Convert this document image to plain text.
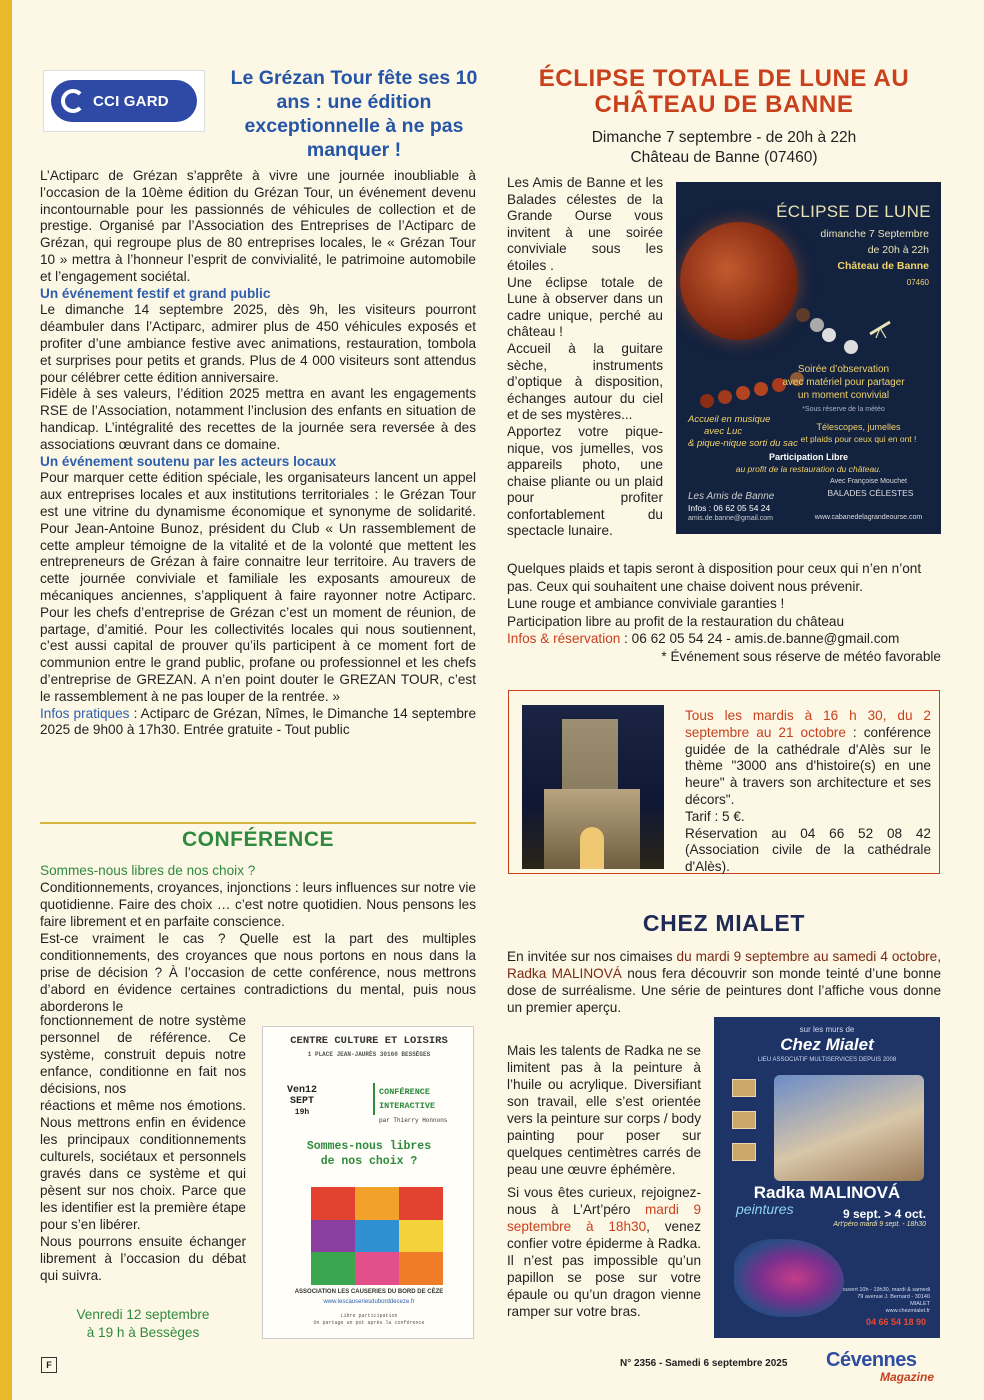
CCI GARD
Le Grézan Tour fête ses 10 ans : une édition exceptionnelle à ne pas manquer !

L’Actiparc de Grézan s’apprête à vivre une journée inoubliable à l’occasion de la 10ème édition du Grézan Tour, un événement devenu incontournable pour les passionnés de véhicules de collection et de prestige. Organisé par l’Association des Entreprises de l’Actiparc de Grézan, qui regroupe plus de 80 entreprises locales, le « Grézan Tour 10 » mettra à l’honneur l’esprit de convivialité, le patrimoine automobile et l’engagement sociétal.

Un événement festif et grand public

Le dimanche 14 septembre 2025, dès 9h, les visiteurs pourront déambuler dans l’Actiparc, admirer plus de 450 véhicules exposés et profiter d’une ambiance festive avec animations, restauration, tombola et surprises pour petits et grands. Plus de 4 000 visiteurs sont attendus pour célébrer cette édition anniversaire.

Fidèle à ses valeurs, l’édition 2025 mettra en avant les engagements RSE de l’Association, notamment l’inclusion des enfants en situation de handicap. L’intégralité des recettes de la journée sera reversée à des associations œuvrant dans ce domaine.

Un événement soutenu par les acteurs locaux

Pour marquer cette édition spéciale, les organisateurs lancent un appel aux entreprises locales et aux institutions territoriales : le Grézan Tour est une vitrine du dynamisme économique et synonyme de solidarité. Pour Jean-Antoine Bunoz, président du Club « Un rassemblement de cette ampleur témoigne de la vitalité et de la volonté que mettent les entrepreneurs de Grézan à faire connaitre leur territoire. Au travers de cette journée conviviale et familiale les exposants amoureux de mécaniques anciennes, s’appliquent à faire rayonner notre Actiparc. Pour les chefs d’entreprise de Grézan c’est un moment de réunion, de partage, d’amitié. Pour les collectivités locales qui nous soutiennent, c’est aussi capital de prouver qu’ils participent à ce moment fort de communion entre le grand public, profane ou professionnel et les chefs d’entreprise de GREZAN. A n’en point douter le GREZAN TOUR, c’est le rassemblement à ne pas louper de la rentrée. »

Infos pratiques : Actiparc de Grézan, Nîmes, le Dimanche 14 septembre 2025 de 9h00 à 17h30. Entrée gratuite - Tout public

CONFÉRENCE

Sommes-nous libres de nos choix ?

Conditionnements, croyances, injonctions : leurs influences sur notre vie quotidienne. Faire des choix … c’est notre quotidien. Nous pensons les faire librement et en parfaite conscience.

Est-ce vraiment le cas ? Quelle est la part des multiples conditionnements, des croyances que nous portons en nous dans la prise de décision ? À l’occasion de cette conférence, nous mettrons d’abord en évidence certaines contradictions du mental, puis nous aborderons le

fonctionnement de notre système personnel de référence. Ce système, construit depuis notre enfance, conditionne en fait nos décisions, nos

réactions et même nos émotions. Nous mettrons enfin en évidence les principaux conditionnements culturels, sociétaux et personnels gravés dans ce système et qui pèsent sur nos choix. Parce que les identifier est la première étape pour s’en libérer.

Nous pourrons ensuite échanger librement à l’occasion du débat qui suivra.

Venredi 12 septembre

à 19 h à Bessèges

CENTRE CULTURE ET LOISIRS
1 PLACE JEAN-JAURÈS 30160 BESSÈGES
Ven12
SEPT
19h
CONFÉRENCE
INTERACTIVE
par Thierry Honnons
Sommes-nous libres
de nos choix ?
ASSOCIATION LES CAUSERIES DU BORD DE CÈZE
www.lescauseriesduborddeceze.fr
Libre participation
On partage un pot après la conférence
ÉCLIPSE TOTALE DE LUNE AU CHÂTEAU DE BANNE
Dimanche 7 septembre - de 20h à 22h
Château de Banne (07460)

Les Amis de Banne et les Balades célestes de la Grande Ourse vous invitent à une soirée conviviale sous les étoiles .

Une éclipse totale de Lune à observer dans un cadre unique, perché au château !

Accueil à la guitare sèche, instruments d’optique à disposition, échanges autour du ciel et de ses mystères...

Apportez votre pique-nique, vos jumelles, vos appareils photo, une chaise pliante ou un plaid pour profiter confortablement du spectacle lunaire.

ÉCLIPSE DE LUNE
dimanche 7 Septembre
de 20h à 22h
Château de Banne
07460
Soirée d’observation
avec matériel pour partager
un moment convivial
*Sous réserve de la météo
Télescopes, jumelles
et plaids pour ceux qui en ont !
Accueil en musique
avec Luc
& pique-nique sorti du sac
Participation Libre
au profit de la restauration du château.
Avec Françoise Mouchet
Les Amis de Banne
Infos : 06 62 05 54 24
amis.de.banne@gmail.com
BALADES CÉLESTES
www.cabanedelagrandeourse.com

Quelques plaids et tapis seront à disposition pour ceux qui n’en n’ont pas. Ceux qui souhaitent une chaise doivent nous prévenir.

Lune rouge et ambiance conviviale garanties !

Participation libre au profit de la restauration du château

Infos & réservation : 06 62 05 54 24 - amis.de.banne@gmail.com

* Événement sous réserve de météo favorable

Tous les mardis à 16 h 30, du 2 septembre au 21 octobre : conférence guidée de la cathédrale d'Alès sur le thème "3000 ans d'histoire(s) en une heure" à travers son architecture et ses décors".

Tarif : 5 €.

Réservation au 04 66 52 08 42 (Association civile de la cathédrale d'Alès).

CHEZ MIALET

En invitée sur nos cimaises du mardi 9 septembre au samedi 4 octobre, Radka MALINOVÁ nous fera découvrir son monde teinté d’une bonne dose de surréalisme. Une série de peintures dont l’affiche vous donne un premier aperçu.

Mais les talents de Radka ne se limitent pas à la peinture à l’huile ou acrylique. Diversifiant son travail, elle s’est orientée vers la peinture sur corps / body painting pour poser sur quelques centimètres carrés de peau une œuvre éphémère.

Si vous êtes curieux, rejoignez-nous à L’Art’péro mardi 9 septembre à 18h30, venez confier votre épiderme à Radka. Il n’est pas impossible qu’un papillon se pose sur votre épaule ou qu’un dragon vienne ramper sur votre bras.

sur les murs de
Chez Mialet
LIEU ASSOCIATIF MULTISERVICES DEPUIS 2008
Radka MALINOVÁ
peintures	9 sept. > 4 oct.
Art’péro mardi 9 sept. - 18h30
ouvert 10h - 19h30, mardi & samedi
79 avenue J. Bernard - 30140 MIALET
www.chezmialet.fr
04 66 54 18 90
F	N° 2356 - Samedi 6 septembre 2025 Cévennes
Magazine
